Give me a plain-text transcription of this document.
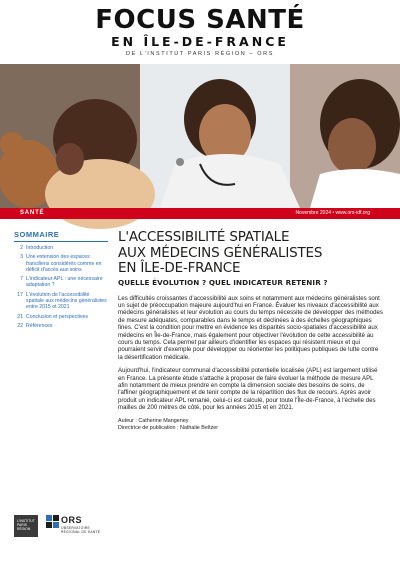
FOCUS SANTÉ
EN ÎLE-DE-FRANCE
DE L'INSTITUT PARIS RÉGION – ORS
© M. Adobe Stock
SANTÉ	Novembre 2024 • www.ors-idf.org
SOMMAIRE
2 Introduction
3 Une extension des espaces franciliens considérés comme en déficit d'accès aux soins
7 L'indicateur APL : une nécessaire adaptation ?
17 L'évolution de l'accessibilité spatiale aux médecins généralistes entre 2015 et 2021
21 Conclusion et perspectives
22 Références
L'ACCESSIBILITÉ SPATIALE
AUX MÉDECINS GÉNÉRALISTES
EN ÎLE-DE-FRANCE
QUELLE ÉVOLUTION ? QUEL INDICATEUR RETENIR ?

Les difficultés croissantes d'accessibilité aux soins et notamment aux médecins généralistes sont un sujet de préoccupation majeure aujourd'hui en France. Évaluer les niveaux d'accessibilité aux médecins généralistes et leur évolution au cours du temps nécessite de développer des méthodes de mesure adéquates, comparables dans le temps et déclinées à des échelles géographiques fines. C'est la condition pour mettre en évidence les disparités socio-spatiales d'accessibilité aux médecins en Île-de-France, mais également pour objectiver l'évolution de cette accessibilité au cours du temps. Cela permet par ailleurs d'identifier les espaces qui résistent mieux et qui pourraient servir d'exemple pour développer ou réorienter les politiques publiques de lutte contre la désertification médicale.

Aujourd'hui, l'indicateur communal d'accessibilité potentielle localisée (APL) est largement utilisé en France. La présente étude s'attache à proposer de faire évoluer la méthode de mesure APL afin notamment de mieux prendre en compte la dimension sociale des besoins de soins, de l'affiner géographiquement et de tenir compte de la répartition des flux de recours. Après avoir produit un indicateur APL remanié, celui-ci est calculé, pour toute l'Île-de-France, à l'échelle des mailles de 200 mètres de côté, pour les années 2015 et en 2021.

Auteur : Catherine Mangeney
Directrice de publication : Nathalie Beltzer
L'INSTITUT
PARIS
RÉGION
ORS
OBSERVATOIRE
RÉGIONAL DE SANTÉ
